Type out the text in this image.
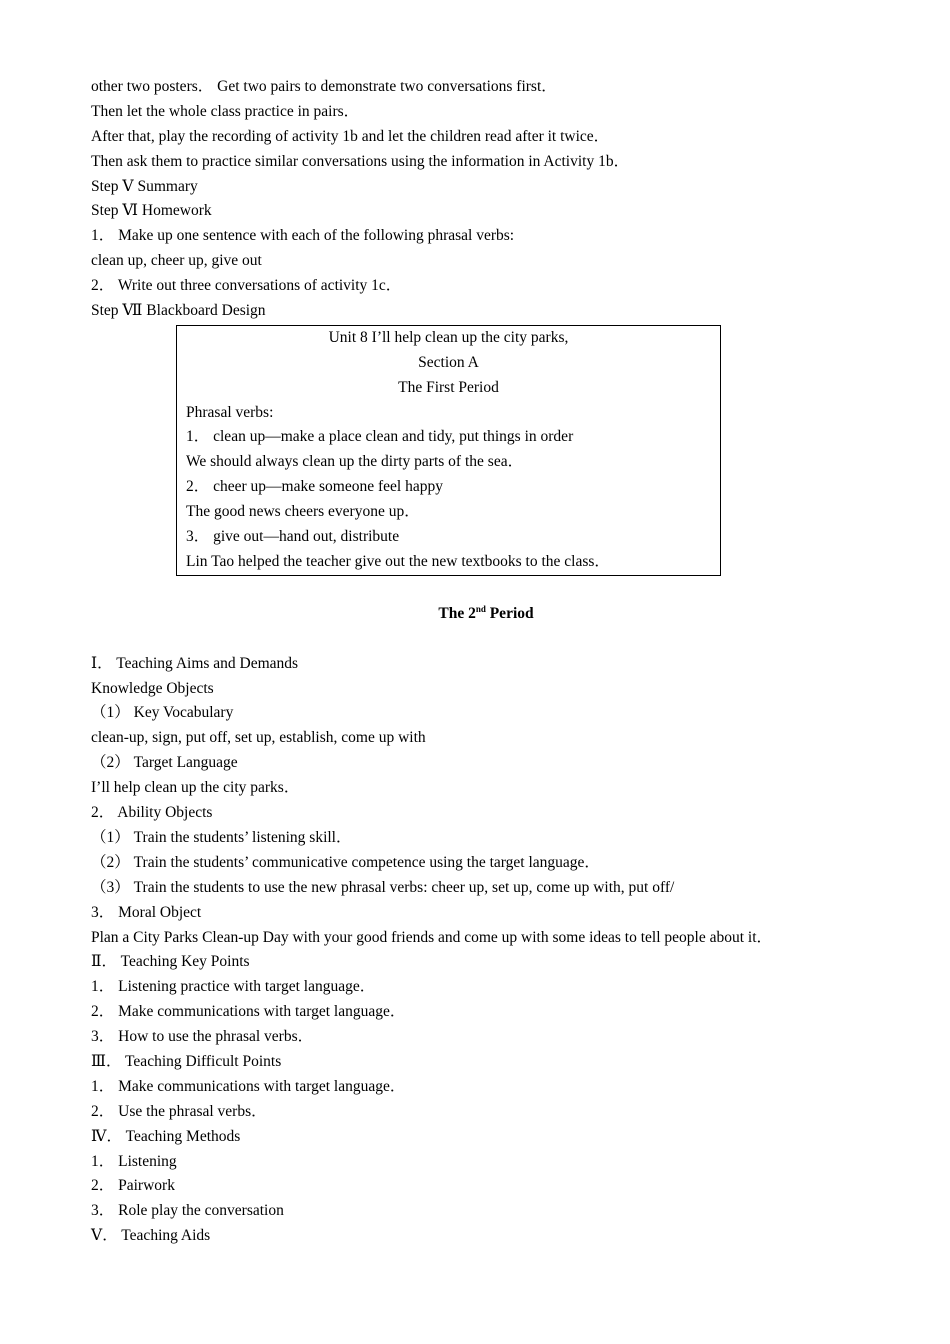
other two posters． Get two pairs to demonstrate two conversations first．
Then let the whole class practice in pairs．
After that, play the recording of activity 1b and let the children read after it twice．
Then ask them to practice similar conversations using the information in Activity 1b．
Step Ⅴ Summary
Step Ⅵ Homework
1． Make up one sentence with each of the following phrasal verbs:
clean up, cheer up, give out
2． Write out three conversations of activity 1c．
Step Ⅶ Blackboard Design
Unit 8 I’ll help clean up the city parks,
Section A
The First Period
Phrasal verbs:
1． clean up—make a place clean and tidy, put things in order
We should always clean up the dirty parts of the sea．
2． cheer up—make someone feel happy
The good news cheers everyone up．
3． give out—hand out, distribute
Lin Tao helped the teacher give out the new textbooks to the class．
The 2nd Period
Ⅰ． Teaching Aims and Demands
Knowledge Objects
（1） Key Vocabulary
clean-up, sign, put off, set up, establish, come up with
（2） Target Language
I’ll help clean up the city parks．
2． Ability Objects
（1） Train the students’ listening skill．
（2） Train the students’ communicative competence using the target language．
（3） Train the students to use the new phrasal verbs: cheer up, set up, come up with, put off/
3． Moral Object
Plan a City Parks Clean-up Day with your good friends and come up with some ideas to tell people about it．
Ⅱ． Teaching Key Points
1． Listening practice with target language．
2． Make communications with target language．
3． How to use the phrasal verbs．
Ⅲ． Teaching Difficult Points
1． Make communications with target language．
2． Use the phrasal verbs．
Ⅳ． Teaching Methods
1． Listening
2． Pairwork
3． Role play the conversation
Ⅴ． Teaching Aids
